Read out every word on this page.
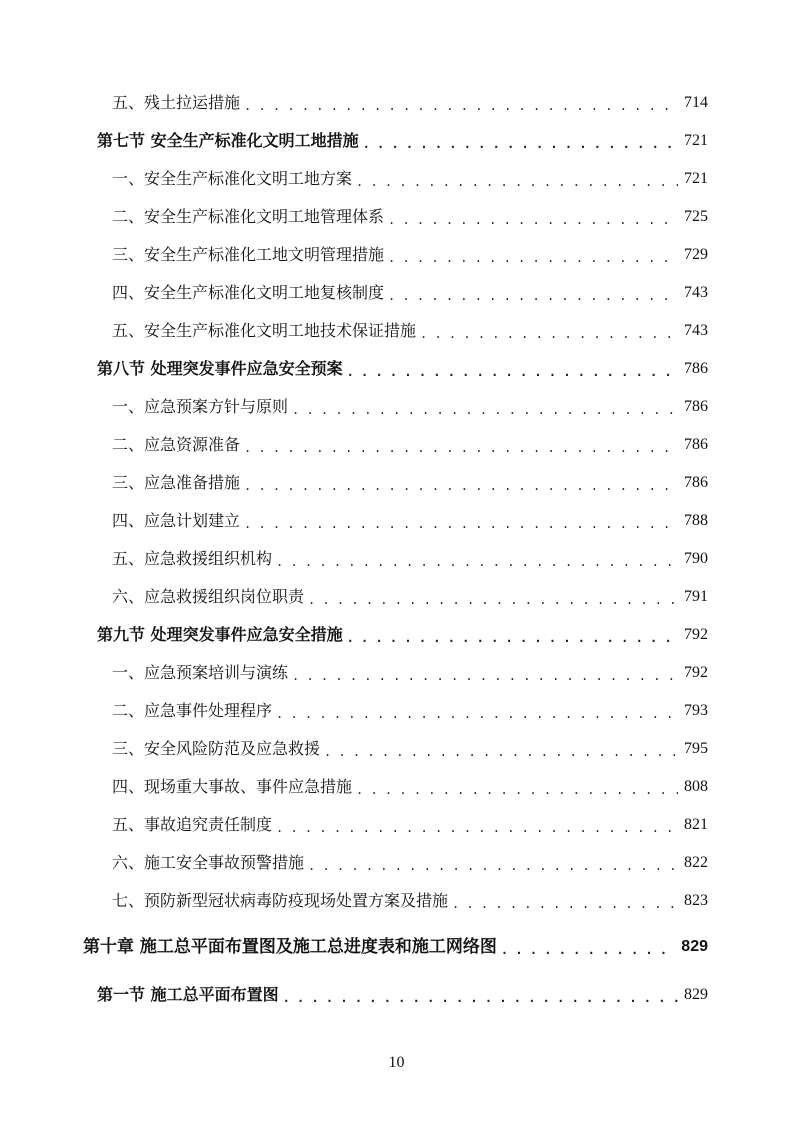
五、残土拉运措施 . . .	714
第七节 安全生产标准化文明工地措施 . . .	721
一、安全生产标准化文明工地方案 . . .	721
二、安全生产标准化文明工地管理体系 . . .	725
三、安全生产标准化工地文明管理措施 . . .	729
四、安全生产标准化文明工地复核制度 . . .	743
五、安全生产标准化文明工地技术保证措施 . . .	743
第八节 处理突发事件应急安全预案 . . .	786
一、应急预案方针与原则 . . .	786
二、应急资源准备 . . .	786
三、应急准备措施 . . .	786
四、应急计划建立 . . .	788
五、应急救援组织机构 . . .	790
六、应急救援组织岗位职责 . . .	791
第九节 处理突发事件应急安全措施 . . .	792
一、应急预案培训与演练 . . .	792
二、应急事件处理程序 . . .	793
三、安全风险防范及应急救援 . . .	795
四、现场重大事故、事件应急措施 . . .	808
五、事故追究责任制度 . . .	821
六、施工安全事故预警措施 . . .	822
七、预防新型冠状病毒防疫现场处置方案及措施 . . .	823
第十章 施工总平面布置图及施工总进度表和施工网络图 . . .	829
第一节 施工总平面布置图 . . .	829
10
